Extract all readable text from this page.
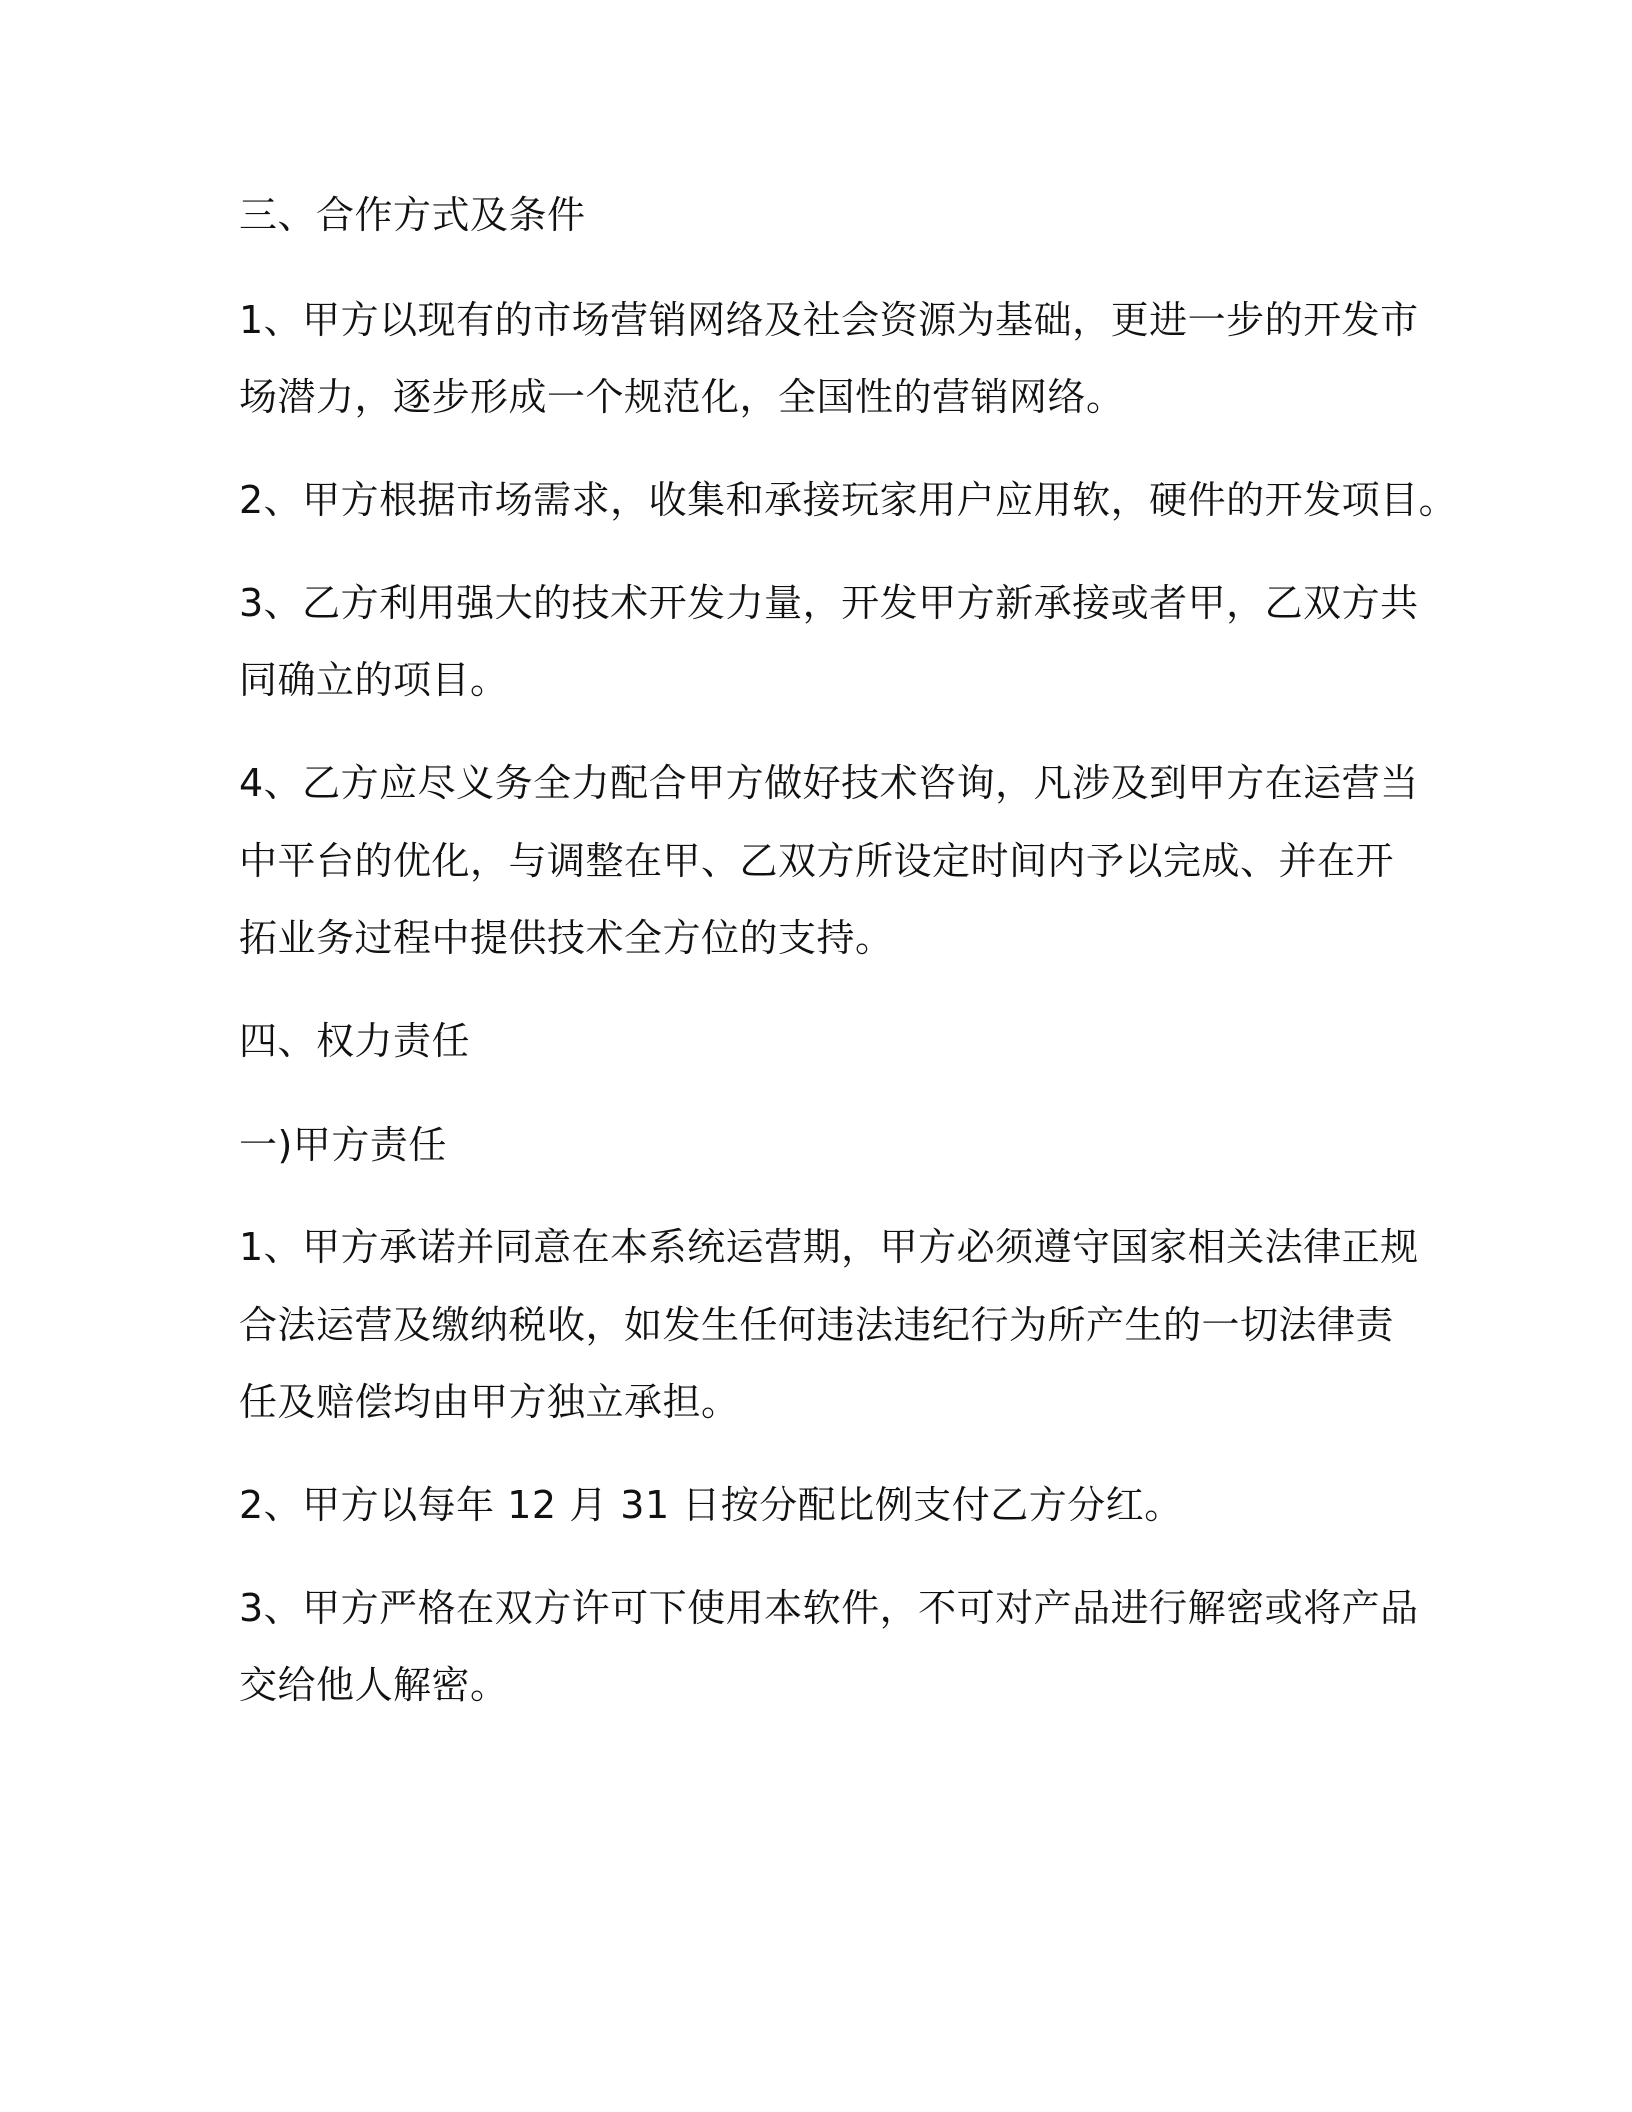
三、合作方式及条件
1、甲方以现有的市场营销网络及社会资源为基础，更进一步的开发市
场潜力，逐步形成一个规范化，全国性的营销网络。
2、甲方根据市场需求，收集和承接玩家用户应用软，硬件的开发项目。
3、乙方利用强大的技术开发力量，开发甲方新承接或者甲，乙双方共
同确立的项目。
4、乙方应尽义务全力配合甲方做好技术咨询，凡涉及到甲方在运营当
中平台的优化，与调整在甲、乙双方所设定时间内予以完成、并在开
拓业务过程中提供技术全方位的支持。
四、权力责任
一)甲方责任
1、甲方承诺并同意在本系统运营期，甲方必须遵守国家相关法律正规
合法运营及缴纳税收，如发生任何违法违纪行为所产生的一切法律责
任及赔偿均由甲方独立承担。
2、甲方以每年 12 月 31 日按分配比例支付乙方分红。
3、甲方严格在双方许可下使用本软件，不可对产品进行解密或将产品
交给他人解密。
